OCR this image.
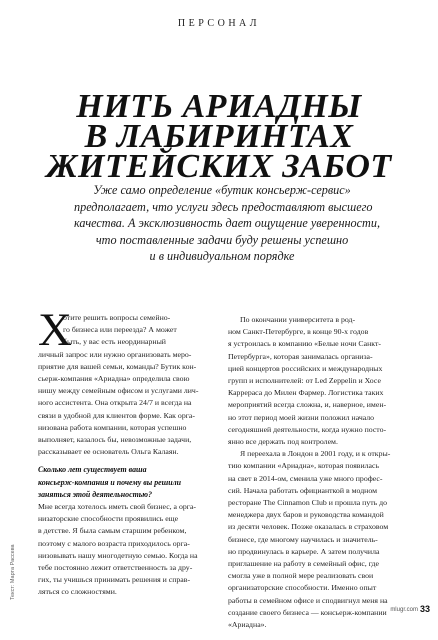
ПЕРСОНАЛ
НИТЬ АРИАДНЫ
В ЛАБИРИНТАХ
ЖИТЕЙСКИХ ЗАБОТ
Уже само определение «бутик консьерж-сервис»
предполагает, что услуги здесь предоставляют высшего
качества. А эксклюзивность дает ощущение уверенности,
что поставленные задачи буду решены успешно
и в индивидуальном порядке
Х
отите решить вопросы семейно-
го бизнеса или переезда? А может
быть, у вас есть неординарный
личный запрос или нужно организовать меро-
приятие для вашей семьи, команды? Бутик кон-
сьерж-компания «Ариадна» определила свою
нишу между семейным офисом и услугами лич-
ного ассистента. Она открыта 24/7 и всегда на
связи в удобной для клиентов форме. Как орга-
низована работа компании, которая успешно
выполняет, казалось бы, невозможные задачи,
рассказывает ее основатель Ольга Калаян.
Сколько лет существует ваша
консьерж-компания и почему вы решили
заняться этой деятельностью?
Мне всегда хотелось иметь свой бизнес, а орга-
низаторские способности проявились еще
в детстве. Я была самым старшим ребенком,
поэтому с малого возраста приходилось орга-
низовывать нашу многодетную семью. Когда на
тебе постоянно лежит ответственность за дру-
гих, ты учишься принимать решения и справ-
ляться со сложностями.
По окончании университета в род-
ном Санкт-Петербурге, в конце 90-х годов
я устроилась в компанию «Белые ночи Санкт-
Петербурга», которая занималась организа-
цией концертов российских и международных
групп и исполнителей: от Led Zeppelin и Хосе
Каррераса до Милен Фармер. Логистика таких
мероприятий всегда сложна, и, наверное, имен-
но этот период моей жизни положил начало
сегодняшней деятельности, когда нужно посто-
янно все держать под контролем.
Я переехала в Лондон в 2001 году, и к откры-
тию компании «Ариадна», которая появилась
на свет в 2014-ом, сменила уже много профес-
сий. Начала работать официанткой в модном
ресторане The Cinnamon Club и прошла путь до
менеджера двух баров и руководства командой
из десяти человек. Позже оказалась в страховом
бизнесе, где многому научилась и значитель-
но продвинулась в карьере. А затем получила
приглашение на работу в семейный офис, где
смогла уже в полной мере реализовать свои
организаторские способности. Именно опыт
работы в семейном офисе и сподвигнул меня на
создание своего бизнеса — консьерж-компании
«Ариадна».
Текст: Марта Рассева
mlugr.com 33
